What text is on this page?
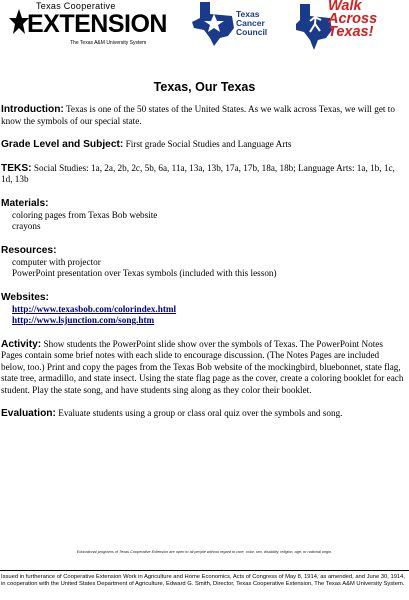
Texas Cooperative
EXTENSION
The Texas A&M University System
Texas
Cancer
Council
Walk
Across
Texas!
Texas, Our Texas
Introduction: Texas is one of the 50 states of the United States. As we walk across Texas, we will get to know the symbols of our special state.
Grade Level and Subject: First grade Social Studies and Language Arts
TEKS: Social Studies: 1a, 2a, 2b, 2c, 5b, 6a, 11a, 13a, 13b, 17a, 17b, 18a, 18b; Language Arts: 1a, 1b, 1c, 1d, 13b
Materials:
coloring pages from Texas Bob website
crayons
Resources:
computer with projector
PowerPoint presentation over Texas symbols (included with this lesson)
Websites:
http://www.texasbob.com/colorindex.html
http://www.lsjunction.com/song.htm
Activity: Show students the PowerPoint slide show over the symbols of Texas. The PowerPoint Notes Pages contain some brief notes with each slide to encourage discussion. (The Notes Pages are included below, too.) Print and copy the pages from the Texas Bob website of the mockingbird, bluebonnet, state flag, state tree, armadillo, and state insect. Using the state flag page as the cover, create a coloring booklet for each student. Play the state song, and have students sing along as they color their booklet.
Evaluation: Evaluate students using a group or class oral quiz over the symbols and song.
Educational programs of Texas Cooperative Extension are open to all people without regard to race, color, sex, disability, religion, age, or national origin.
Issued in furtherance of Cooperative Extension Work in Agriculture and Home Economics, Acts of Congress of May 8, 1914, as amended, and June 30, 1914, in cooperation with the United States Department of Agriculture, Edward G. Smith, Director, Texas Cooperative Extension, The Texas A&M University System.
